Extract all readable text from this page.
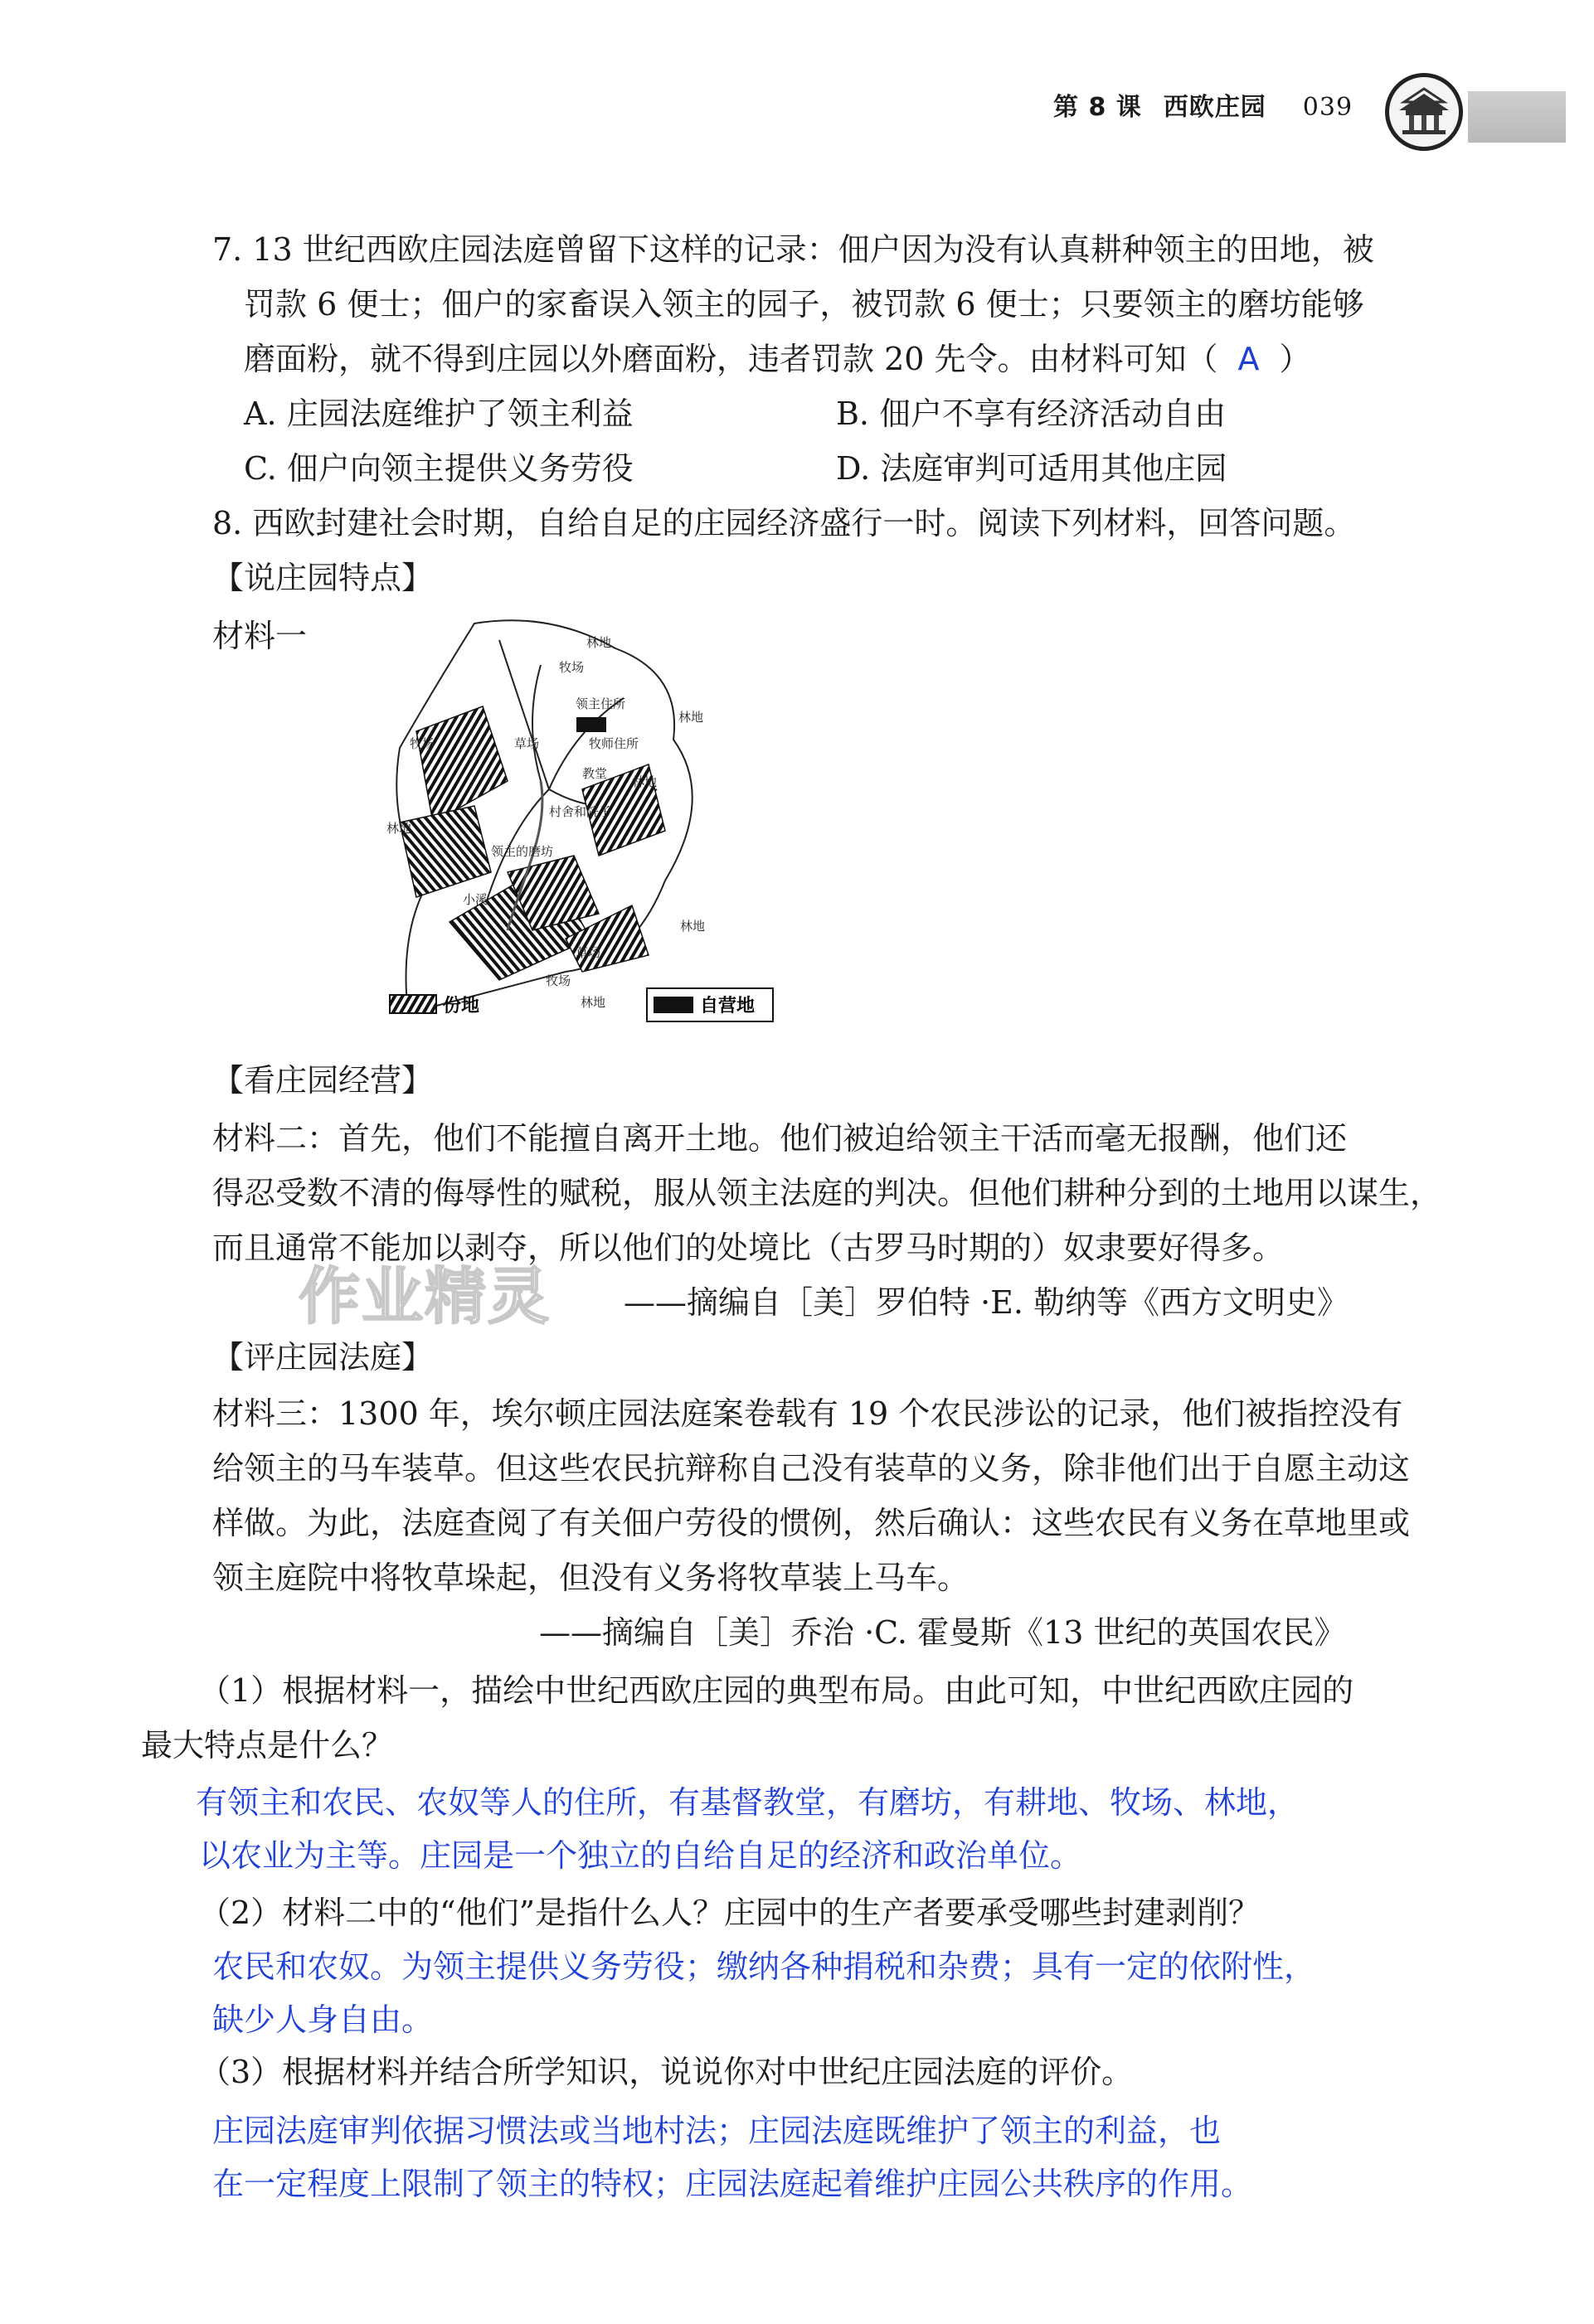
第 8 课 西欧庄园 039
7. 13 世纪西欧庄园法庭曾留下这样的记录：佃户因为没有认真耕种领主的田地，被
罚款 6 便士；佃户的家畜误入领主的园子，被罚款 6 便士；只要领主的磨坊能够
磨面粉，就不得到庄园以外磨面粉，违者罚款 20 先令。由材料可知（ A ）
A. 庄园法庭维护了领主利益	B. 佃户不享有经济活动自由
C. 佃户向领主提供义务劳役	D. 法庭审判可适用其他庄园
8. 西欧封建社会时期，自给自足的庄园经济盛行一时。阅读下列材料，回答问题。
【说庄园特点】
材料一	林地
牧场
领主住所
牧师住所
教堂
草场
林地
牧场
林地
林地
村舍和院子
领主的磨坊
小溪
林地
牧场
林地
草场
份地	自营地
【看庄园经营】
材料二：首先，他们不能擅自离开土地。他们被迫给领主干活而毫无报酬，他们还
得忍受数不清的侮辱性的赋税，服从领主法庭的判决。但他们耕种分到的土地用以谋生，
而且通常不能加以剥夺，所以他们的处境比（古罗马时期的）奴隶要好得多。
作业精灵 ——摘编自［美］罗伯特 ·E. 勒纳等《西方文明史》
【评庄园法庭】
材料三：1300 年，埃尔顿庄园法庭案卷载有 19 个农民涉讼的记录，他们被指控没有
给领主的马车装草。但这些农民抗辩称自己没有装草的义务，除非他们出于自愿主动这
样做。为此，法庭查阅了有关佃户劳役的惯例，然后确认：这些农民有义务在草地里或
领主庭院中将牧草垛起，但没有义务将牧草装上马车。
——摘编自［美］乔治 ·C. 霍曼斯《13 世纪的英国农民》
（1）根据材料一，描绘中世纪西欧庄园的典型布局。由此可知，中世纪西欧庄园的
最大特点是什么？
有领主和农民、农奴等人的住所，有基督教堂，有磨坊，有耕地、牧场、林地，
以农业为主等。庄园是一个独立的自给自足的经济和政治单位。
（2）材料二中的“他们”是指什么人？庄园中的生产者要承受哪些封建剥削？
农民和农奴。为领主提供义务劳役；缴纳各种捐税和杂费；具有一定的依附性，
缺少人身自由。
（3）根据材料并结合所学知识，说说你对中世纪庄园法庭的评价。
庄园法庭审判依据习惯法或当地村法；庄园法庭既维护了领主的利益，也
在一定程度上限制了领主的特权；庄园法庭起着维护庄园公共秩序的作用。
